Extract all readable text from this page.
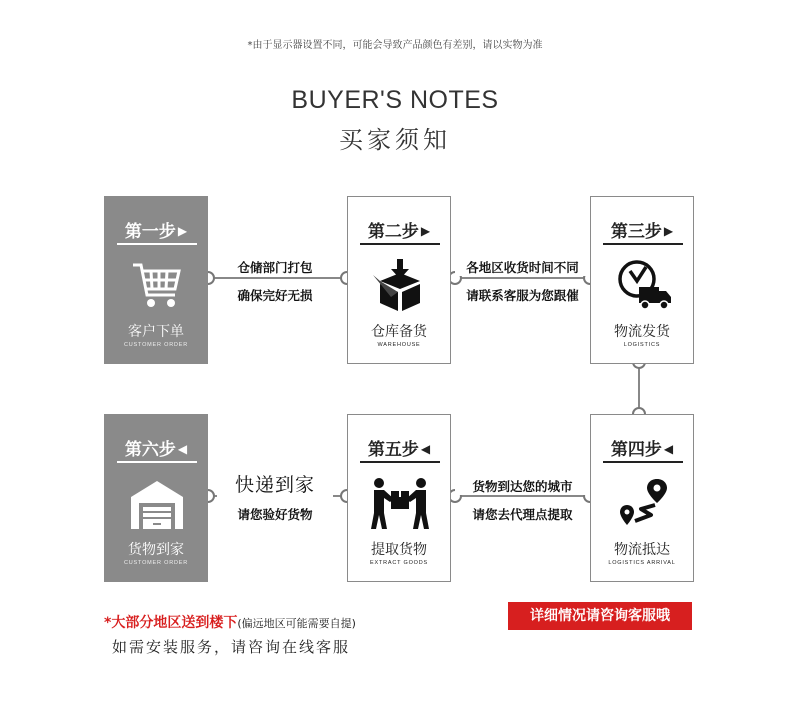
*由于显示器设置不同，可能会导致产品颜色有差别，请以实物为准
BUYER'S NOTES
买家须知
仓储部门打包
确保完好无损
各地区收货时间不同
请联系客服为您跟催
快递到家
请您验好货物
货物到达您的城市
请您去代理点提取
第一步 ▶
客户下单
CUSTOMER ORDER
第二步 ▶
仓库备货
WAREHOUSE
第三步 ▶
物流发货
LOGISTICS
第四步 ◀
物流抵达
LOGISTICS ARRIVAL
第五步 ◀
提取货物
EXTRACT GOODS
第六步 ◀
货物到家
CUSTOMER ORDER
*大部分地区送到楼下(偏远地区可能需要自提)
如需安装服务，请咨询在线客服
详细情况请咨询客服哦
